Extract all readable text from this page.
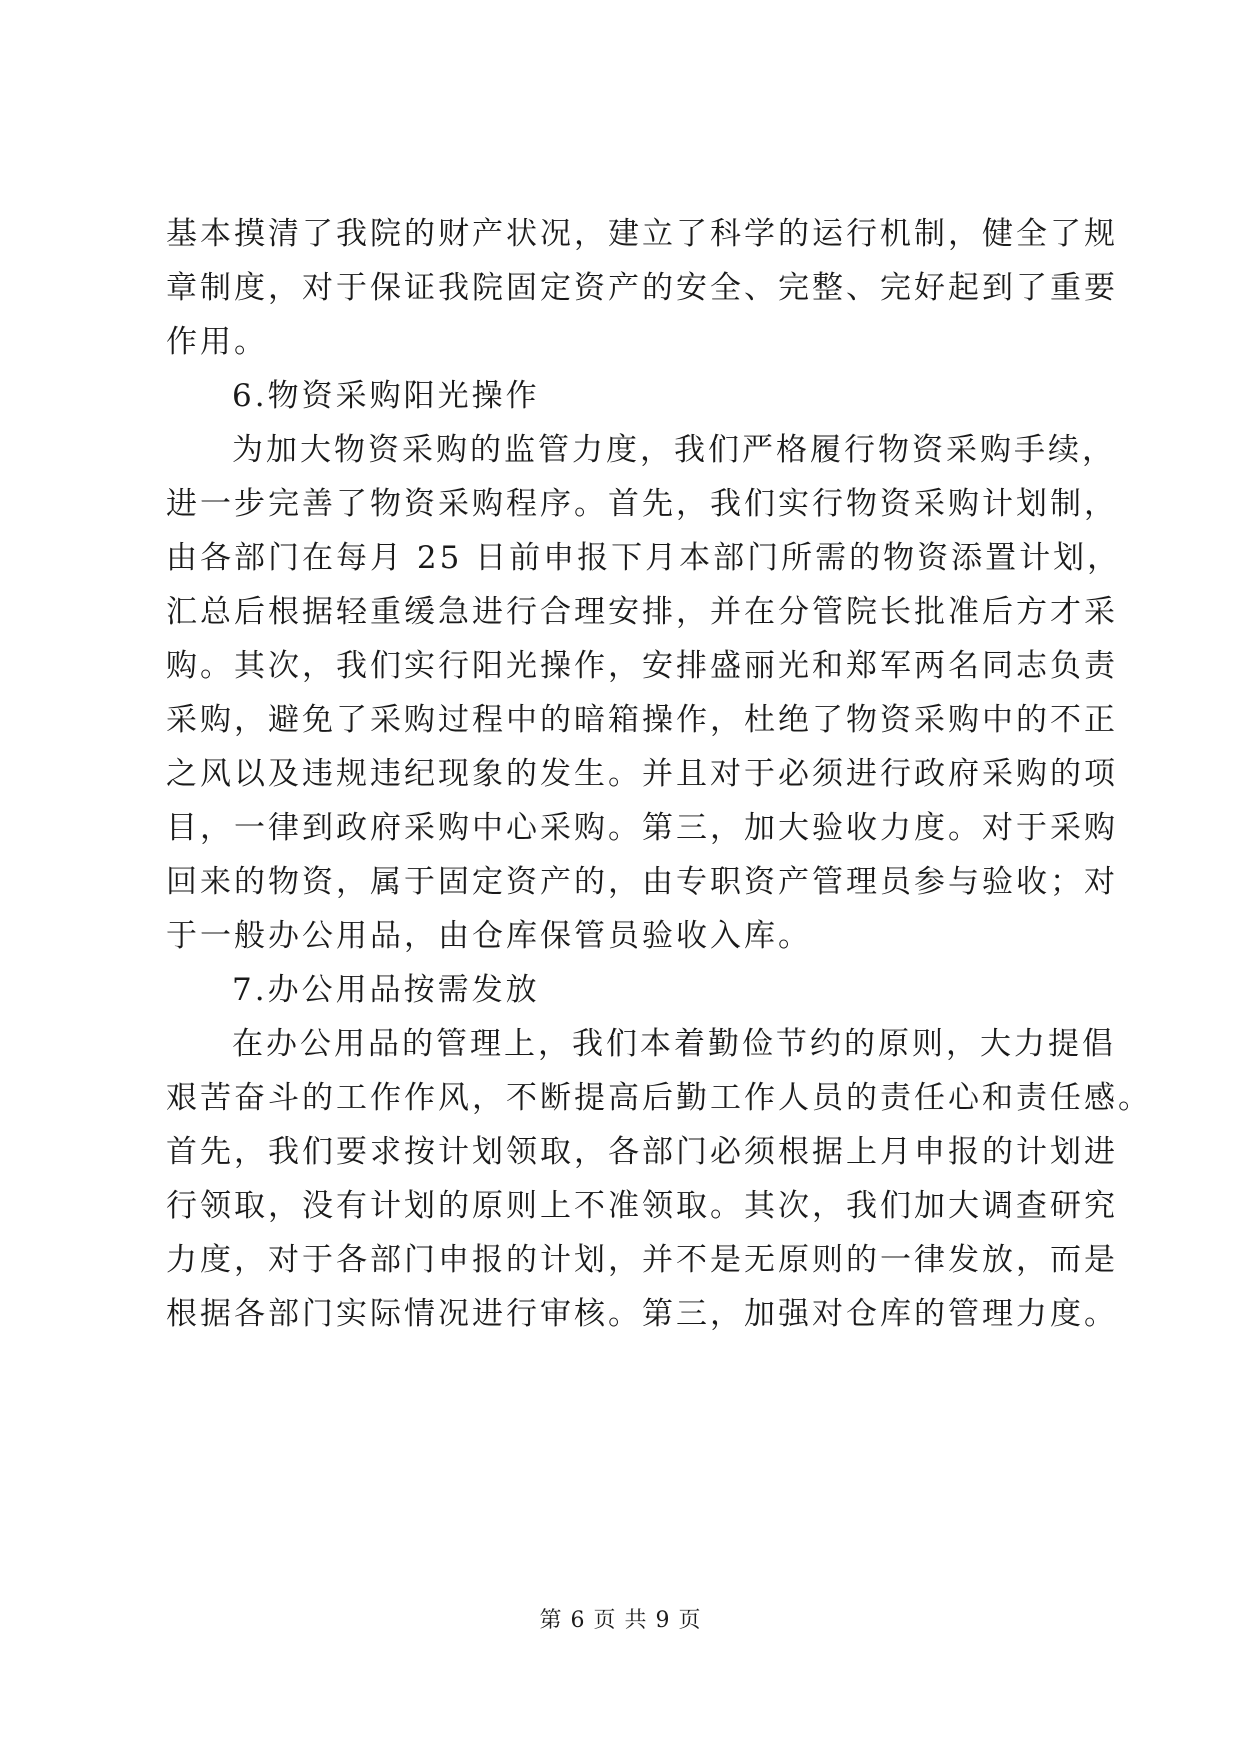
基本摸清了我院的财产状况，建立了科学的运行机制，健全了规
章制度，对于保证我院固定资产的安全、完整、完好起到了重要
作用。
6.物资采购阳光操作
为加大物资采购的监管力度，我们严格履行物资采购手续，
进一步完善了物资采购程序。首先，我们实行物资采购计划制，
由各部门在每月 25 日前申报下月本部门所需的物资添置计划，
汇总后根据轻重缓急进行合理安排，并在分管院长批准后方才采
购。其次，我们实行阳光操作，安排盛丽光和郑军两名同志负责
采购，避免了采购过程中的暗箱操作，杜绝了物资采购中的不正
之风以及违规违纪现象的发生。并且对于必须进行政府采购的项
目，一律到政府采购中心采购。第三，加大验收力度。对于采购
回来的物资，属于固定资产的，由专职资产管理员参与验收；对
于一般办公用品，由仓库保管员验收入库。
7.办公用品按需发放
在办公用品的管理上，我们本着勤俭节约的原则，大力提倡
艰苦奋斗的工作作风，不断提高后勤工作人员的责任心和责任感。
首先，我们要求按计划领取，各部门必须根据上月申报的计划进
行领取，没有计划的原则上不准领取。其次，我们加大调查研究
力度，对于各部门申报的计划，并不是无原则的一律发放，而是
根据各部门实际情况进行审核。第三，加强对仓库的管理力度。
第 6 页 共 9 页
